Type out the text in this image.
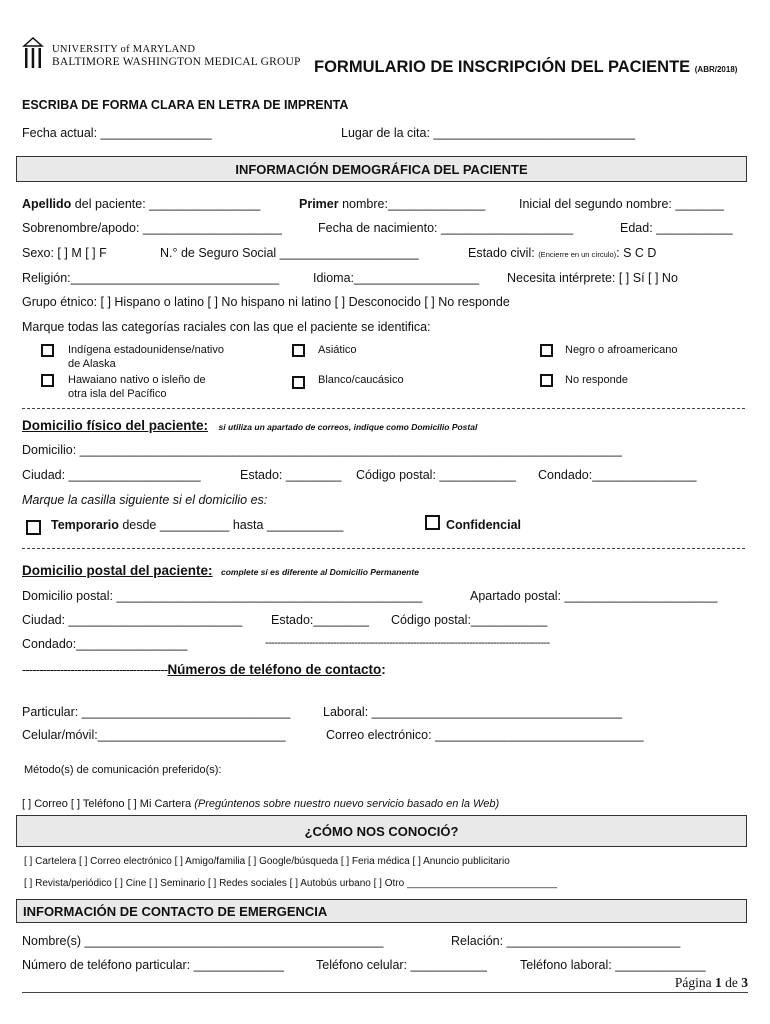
UNIVERSITY of MARYLAND
BALTIMORE WASHINGTON MEDICAL GROUP FORMULARIO DE INSCRIPCIÓN DEL PACIENTE (ABR/2018)
ESCRIBA DE FORMA CLARA EN LETRA DE IMPRENTA
Fecha actual: ________________	Lugar de la cita: _____________________________
INFORMACIÓN DEMOGRÁFICA DEL PACIENTE
Apellido del paciente: ________________	Primer nombre:______________	Inicial del segundo nombre: _______
Sobrenombre/apodo: ____________________	Fecha de nacimiento: ___________________	Edad: ___________
Sexo: [ ] M [ ] F	N.° de Seguro Social ____________________	Estado civil: (Encierre en un círculo): S C D
Religión:______________________________	Idioma:__________________ Necesita intérprete: [ ] Sí [ ] No
Grupo étnico: [ ] Hispano o latino [ ] No hispano ni latino [ ] Desconocido [ ] No responde
Marque todas las categorías raciales con las que el paciente se identifica:
Indígena estadounidense/nativo
de Alaska
Asiático	Negro o afroamericano
Hawaiano nativo o isleño de
otra isla del Pacífico
Blanco/caucásico	No responde
Domicilio físico del paciente: si utiliza un apartado de correos, indique como Domicilio Postal
Domicilio: ______________________________________________________________________________
Ciudad: ___________________	Estado: ________ Código postal: ___________ Condado:_______________
Marque la casilla siguiente si el domicilio es:
Temporario desde __________ hasta ___________	Confidencial
Domicilio postal del paciente: complete si es diferente al Domicilio Permanente
Domicilio postal: ____________________________________________	Apartado postal: ______________________
Ciudad: _________________________ Estado:________ Código postal:___________
Condado:________________	------------------------------------------------------------------------------------------------
------------------------------------------Números de teléfono de contacto:
Particular: ______________________________	Laboral: ____________________________________
Celular/móvil:___________________________	Correo electrónico: ______________________________
Método(s) de comunicación preferido(s):
[ ] Correo [ ] Teléfono [ ] Mi Cartera (Pregúntenos sobre nuestro nuevo servicio basado en la Web)
¿CÓMO NOS CONOCIÓ?
[ ] Cartelera [ ] Correo electrónico [ ] Amigo/familia [ ] Google/búsqueda [ ] Feria médica [ ] Anuncio publicitario
[ ] Revista/periódico [ ] Cine [ ] Seminario [ ] Redes sociales [ ] Autobús urbano [ ] Otro ___________________________
INFORMACIÓN DE CONTACTO DE EMERGENCIA
Nombre(s) ___________________________________________	Relación: _________________________
Número de teléfono particular: _____________	Teléfono celular: ___________	Teléfono laboral: _____________
Página 1 de 3
